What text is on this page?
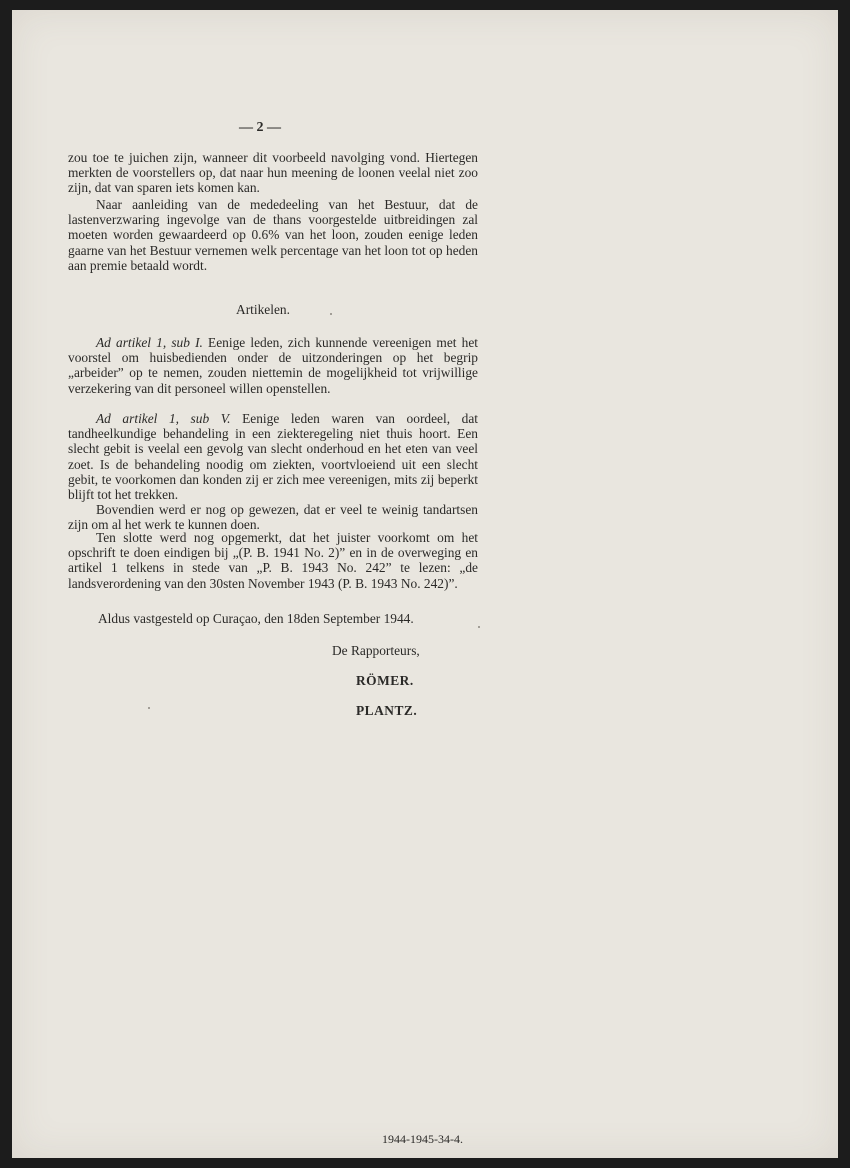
— 2 —
zou toe te juichen zijn, wanneer dit voorbeeld navolging vond. Hiertegen merkten de voorstellers op, dat naar hun meening de loonen veelal niet zoo zijn, dat van sparen iets komen kan.
Naar aanleiding van de mededeeling van het Bestuur, dat de lastenverzwaring ingevolge van de thans voorgestelde uitbreidingen zal moeten worden gewaardeerd op 0.6% van het loon, zouden eenige leden gaarne van het Bestuur vernemen welk percentage van het loon tot op heden aan premie betaald wordt.
Artikelen.
Ad artikel 1, sub I. Eenige leden, zich kunnende vereenigen met het voorstel om huisbedienden onder de uitzonderingen op het begrip „arbeider” op te nemen, zouden niettemin de mogelijkheid tot vrijwillige verzekering van dit personeel willen openstellen.
Ad artikel 1, sub V. Eenige leden waren van oordeel, dat tandheelkundige behandeling in een ziekteregeling niet thuis hoort. Een slecht gebit is veelal een gevolg van slecht onderhoud en het eten van veel zoet. Is de behandeling noodig om ziekten, voortvloeiend uit een slecht gebit, te voorkomen dan konden zij er zich mee vereenigen, mits zij beperkt blijft tot het trekken.
Bovendien werd er nog op gewezen, dat er veel te weinig tandartsen zijn om al het werk te kunnen doen.
Ten slotte werd nog opgemerkt, dat het juister voorkomt om het opschrift te doen eindigen bij „(P. B. 1941 No. 2)” en in de overweging en artikel 1 telkens in stede van „P. B. 1943 No. 242” te lezen: „de landsverordening van den 30sten November 1943 (P. B. 1943 No. 242)”.
Aldus vastgesteld op Curaçao, den 18den September 1944.
De Rapporteurs,
RÖMER.
PLANTZ.
1944-1945-34-4.
